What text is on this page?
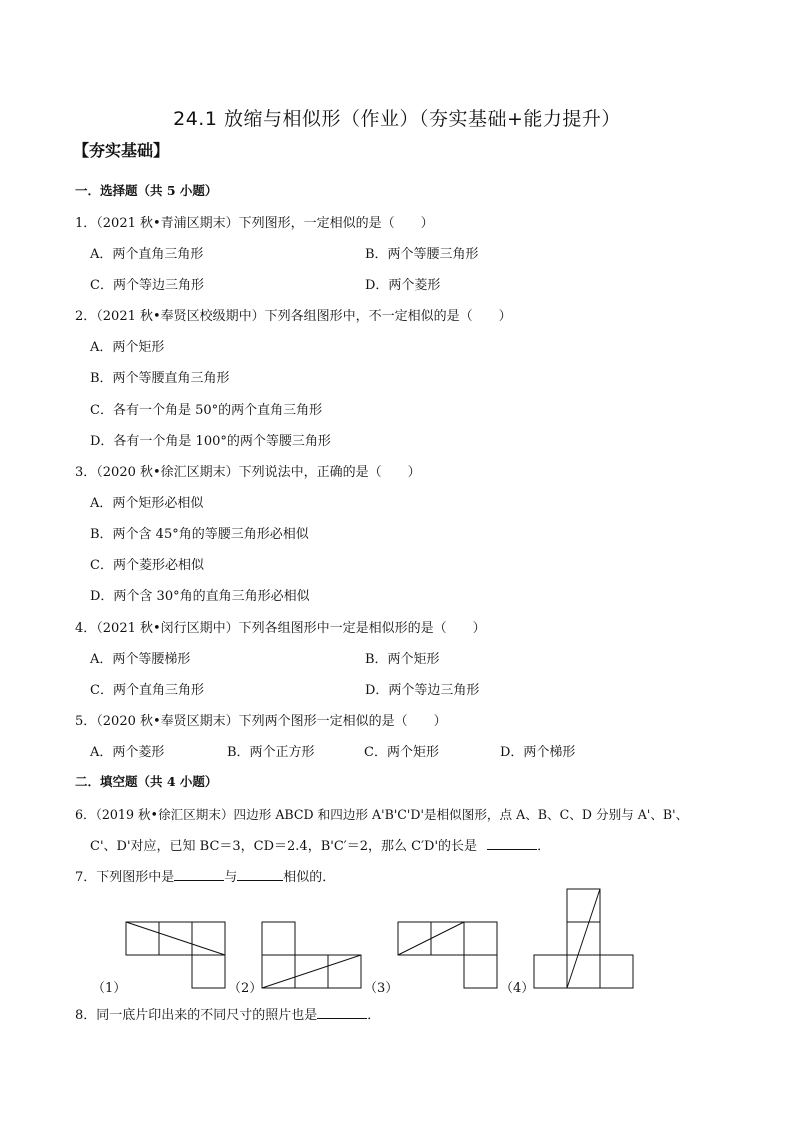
24.1 放缩与相似形（作业）（夯实基础+能力提升）
【夯实基础】
一．选择题（共 5 小题）
1．（2021 秋•青浦区期末）下列图形，一定相似的是（　　）
A．两个直角三角形	B．两个等腰三角形
C．两个等边三角形	D．两个菱形
2．（2021 秋•奉贤区校级期中）下列各组图形中，不一定相似的是（　　）
A．两个矩形
B．两个等腰直角三角形
C．各有一个角是 50°的两个直角三角形
D．各有一个角是 100°的两个等腰三角形
3．（2020 秋•徐汇区期末）下列说法中，正确的是（　　）
A．两个矩形必相似
B．两个含 45°角的等腰三角形必相似
C．两个菱形必相似
D．两个含 30°角的直角三角形必相似
4．（2021 秋•闵行区期中）下列各组图形中一定是相似形的是（　　）
A．两个等腰梯形	B．两个矩形
C．两个直角三角形	D．两个等边三角形
5．（2020 秋•奉贤区期末）下列两个图形一定相似的是（　　）
A．两个菱形	B．两个正方形	C．两个矩形	D．两个梯形
二．填空题（共 4 小题）
6．（2019 秋•徐汇区期末）四边形 ABCD 和四边形 A'B'C'D'是相似图形，点 A、B、C、D 分别与 A'、B'、
C'、D'对应，已知 BC＝3，CD＝2.4，B'C′＝2，那么 C′D'的长是	．
7．下列图形中是	与	相似的．
（1）	（2）	（3）	（4）
8．同一底片印出来的不同尺寸的照片也是	．
